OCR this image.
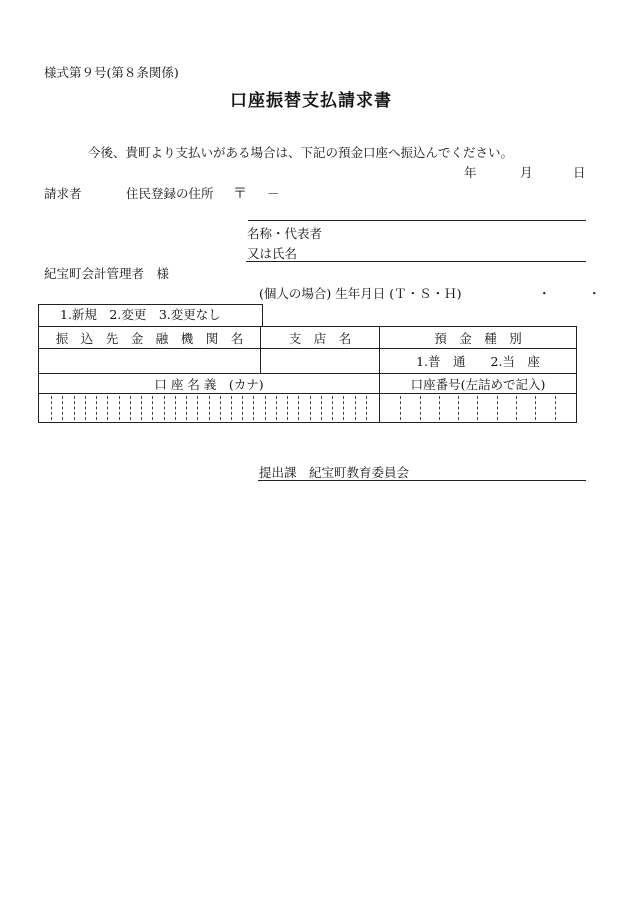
様式第９号(第８条関係)
口座振替支払請求書
今後、貴町より支払いがある場合は、下記の預金口座へ振込んでください。
年	月	日
請求者	住民登録の住所 〒 －
名称・代表者
又は氏名
紀宝町会計管理者　様
(個人の場合) 生年月日 (Ｔ・Ｓ・Ｈ)	・　　　・
1.新規　2.変更　3.変更なし
振　込　先　金　融　機　関　名	支　店　名	預　金　種　別
		1.普　通　　2.当　座
口 座 名 義　(カナ)		口座番号(左詰めで記入)

提出課　紀宝町教育委員会
